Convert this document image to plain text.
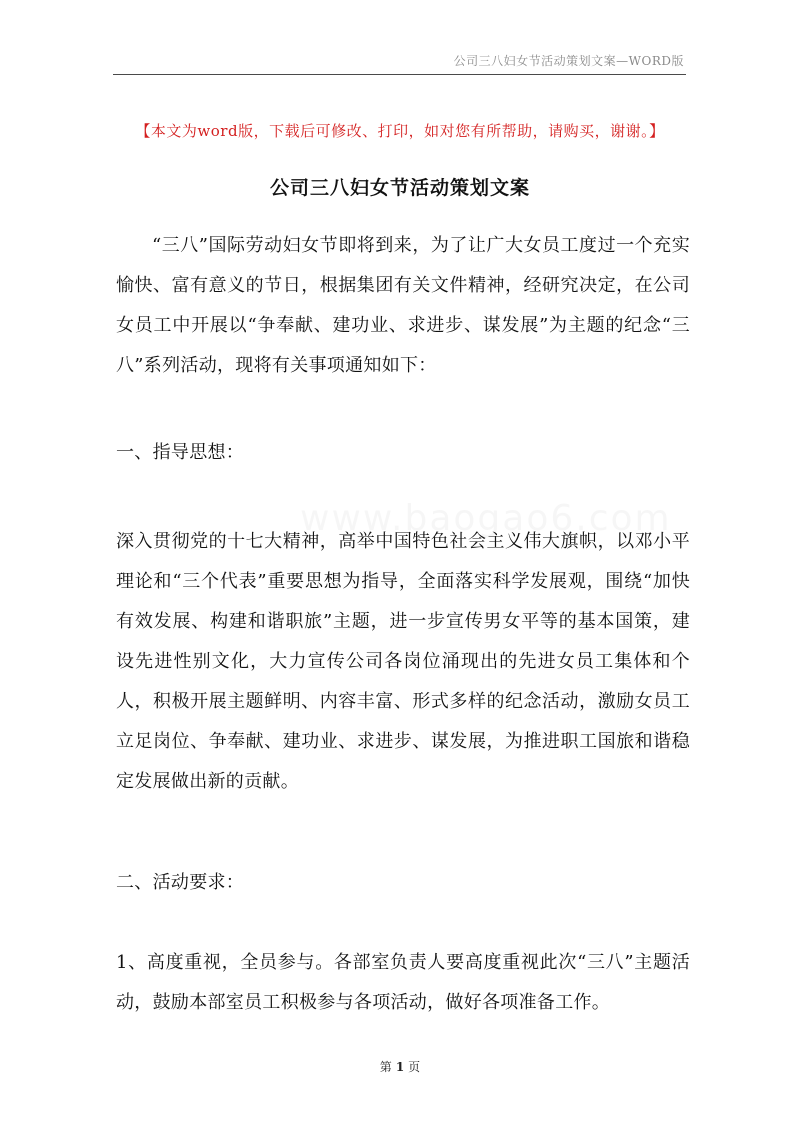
公司三八妇女节活动策划文案—WORD版
【本文为word版，下载后可修改、打印，如对您有所帮助，请购买，谢谢。】
公司三八妇女节活动策划文案

“三八”国际劳动妇女节即将到来，为了让广大女员工度过一个充实愉快、富有意义的节日，根据集团有关文件精神，经研究决定，在公司女员工中开展以“争奉献、建功业、求进步、谋发展”为主题的纪念“三八”系列活动，现将有关事项通知如下：

一、指导思想：

深入贯彻党的十七大精神，高举中国特色社会主义伟大旗帜，以邓小平理论和“三个代表”重要思想为指导，全面落实科学发展观，围绕“加快有效发展、构建和谐职旅”主题，进一步宣传男女平等的基本国策，建设先进性别文化，大力宣传公司各岗位涌现出的先进女员工集体和个人，积极开展主题鲜明、内容丰富、形式多样的纪念活动，激励女员工立足岗位、争奉献、建功业、求进步、谋发展，为推进职工国旅和谐稳定发展做出新的贡献。

二、活动要求：

1、高度重视，全员参与。各部室负责人要高度重视此次“三八”主题活动，鼓励本部室员工积极参与各项活动，做好各项准备工作。

第 1 页
